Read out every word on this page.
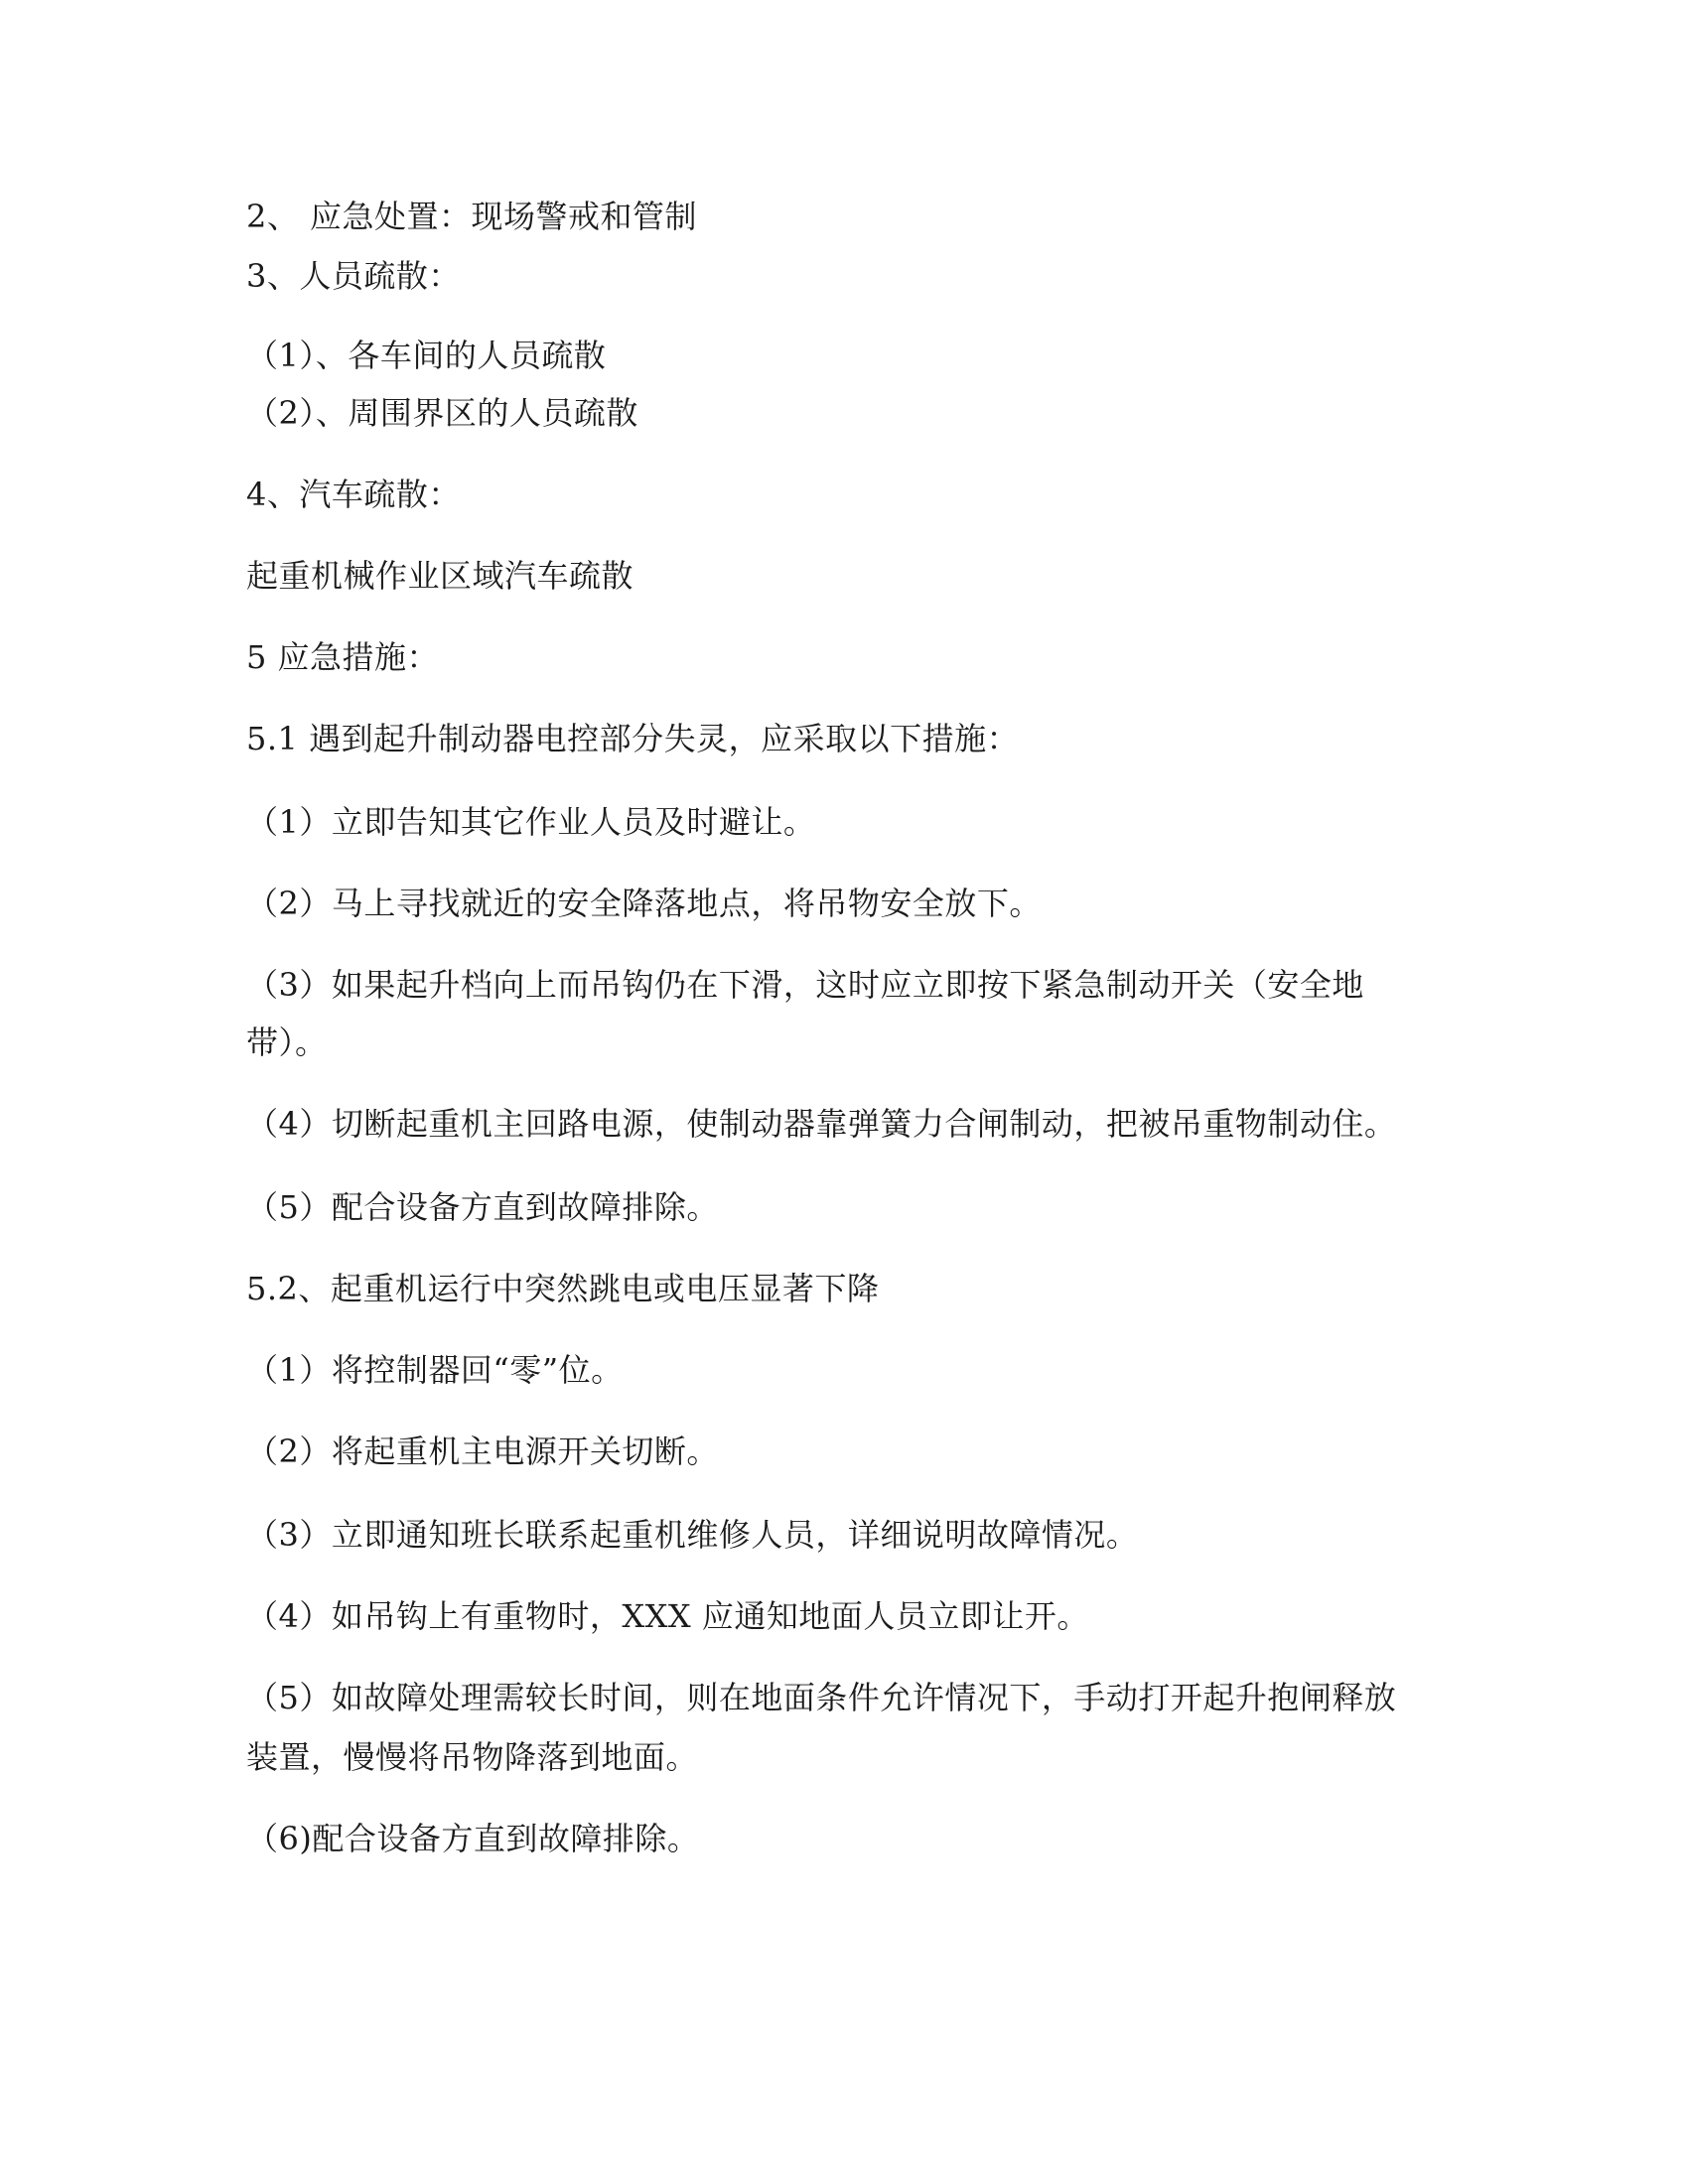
2、 应急处置：现场警戒和管制
3、人员疏散：
（1）、各车间的人员疏散
（2）、周围界区的人员疏散
4、汽车疏散：
起重机械作业区域汽车疏散
5 应急措施：
5.1 遇到起升制动器电控部分失灵，应采取以下措施：
（1）立即告知其它作业人员及时避让。
（2）马上寻找就近的安全降落地点，将吊物安全放下。
（3）如果起升档向上而吊钩仍在下滑，这时应立即按下紧急制动开关（安全地
带）。
（4）切断起重机主回路电源，使制动器靠弹簧力合闸制动，把被吊重物制动住。
（5）配合设备方直到故障排除。
5.2、起重机运行中突然跳电或电压显著下降
（1）将控制器回“零”位。
（2）将起重机主电源开关切断。
（3）立即通知班长联系起重机维修人员，详细说明故障情况。
（4）如吊钩上有重物时，XXX 应通知地面人员立即让开。
（5）如故障处理需较长时间，则在地面条件允许情况下，手动打开起升抱闸释放
装置，慢慢将吊物降落到地面。
（6)配合设备方直到故障排除。
